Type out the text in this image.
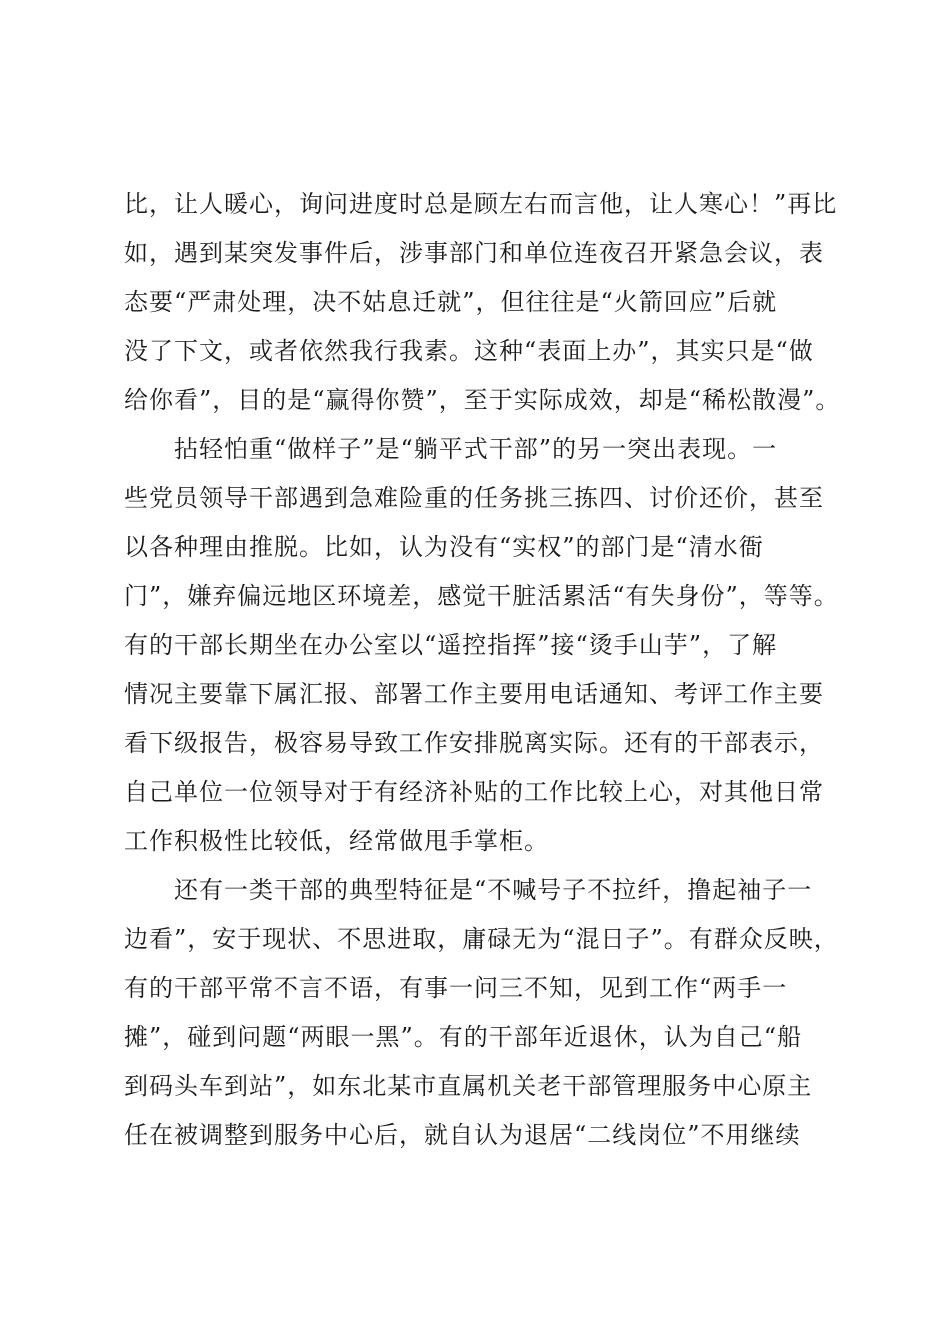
比，让人暖心，询问进度时总是顾左右而言他，让人寒心！”再比
如，遇到某突发事件后，涉事部门和单位连夜召开紧急会议，表
态要“严肃处理，决不姑息迁就”，但往往是“火箭回应”后就
没了下文，或者依然我行我素。这种“表面上办”，其实只是“做
给你看”，目的是“赢得你赞”，至于实际成效，却是“稀松散漫”。
　　拈轻怕重“做样子”是“躺平式干部”的另一突出表现。一
些党员领导干部遇到急难险重的任务挑三拣四、讨价还价，甚至
以各种理由推脱。比如，认为没有“实权”的部门是“清水衙
门”，嫌弃偏远地区环境差，感觉干脏活累活“有失身份”，等等。
有的干部长期坐在办公室以“遥控指挥”接“烫手山芋”，了解
情况主要靠下属汇报、部署工作主要用电话通知、考评工作主要
看下级报告，极容易导致工作安排脱离实际。还有的干部表示，
自己单位一位领导对于有经济补贴的工作比较上心，对其他日常
工作积极性比较低，经常做甩手掌柜。
　　还有一类干部的典型特征是“不喊号子不拉纤，撸起袖子一
边看”，安于现状、不思进取，庸碌无为“混日子”。有群众反映，
有的干部平常不言不语，有事一问三不知，见到工作“两手一
摊”，碰到问题“两眼一黑”。有的干部年近退休，认为自己“船
到码头车到站”，如东北某市直属机关老干部管理服务中心原主
任在被调整到服务中心后，就自认为退居“二线岗位”不用继续
